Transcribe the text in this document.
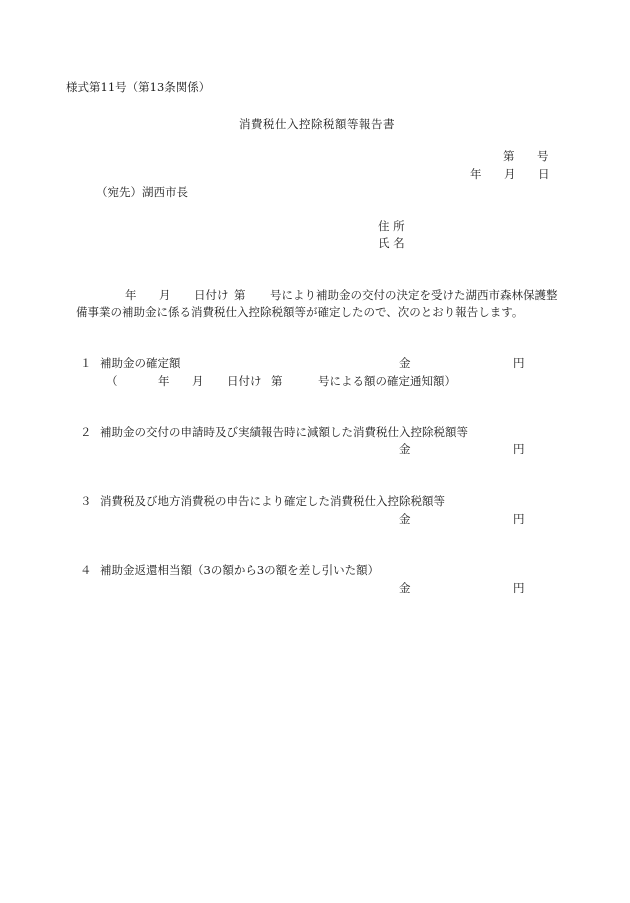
様式第11号（第13条関係）
消費税仕入控除税額等報告書
第 号
年 月 日
（宛先）湖西市長
住 所
氏 名
年 月 日付け 第 号により補助金の交付の決定を受けた湖西市森林保護整
備事業の補助金に係る消費税仕入控除税額等が確定したので、次のとおり報告します。
１ 補助金の確定額	金	円
（	年 月 日付け 第	号による額の確定通知額）
２ 補助金の交付の申請時及び実績報告時に減額した消費税仕入控除税額等
金	円
３ 消費税及び地方消費税の申告により確定した消費税仕入控除税額等
金	円
４ 補助金返還相当額（3の額から3の額を差し引いた額）
金	円
